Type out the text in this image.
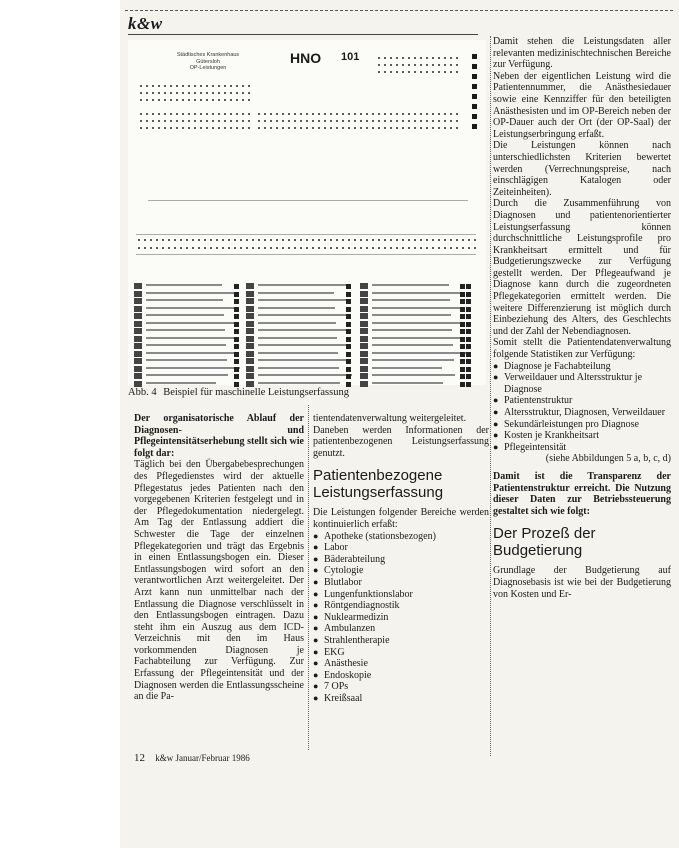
k&w
Städtisches Krankenhaus
Gütersloh
OP-Leistungen
HNO 101
Abb. 4 Beispiel für maschinelle Leistungserfassung

Der organisatorische Ablauf der Diagnosen- und Pflegeintensitätserhebung stellt sich wie folgt dar:

Täglich bei den Übergabebesprechungen des Pflegedienstes wird der aktuelle Pflegestatus jedes Patienten nach den vorgegebenen Kriterien festgelegt und in der Pflegedokumentation niedergelegt. Am Tag der Entlassung addiert die Schwester die Tage der einzelnen Pflegekategorien und trägt das Ergebnis in einen Entlassungsbogen ein. Dieser Entlassungsbogen wird sofort an den verantwortlichen Arzt weitergeleitet. Der Arzt kann nun unmittelbar nach der Entlassung die Diagnose verschlüsselt in den Entlassungsbogen eintragen. Dazu steht ihm ein Auszug aus dem ICD-Verzeichnis mit den im Haus vorkommenden Diagnosen je Fachabteilung zur Verfügung. Zur Erfassung der Pflegeintensität und der Diagnosen werden die Entlassungsscheine an die Pa-

tientendatenverwaltung weitergeleitet.

Daneben werden Informationen der patientenbezogenen Leistungserfassung genutzt.

Patientenbezogene Leistungserfassung

Die Leistungen folgender Bereiche werden kontinuierlich erfaßt:

● Apotheke (stationsbezogen)
● Labor
● Bäderabteilung
● Cytologie
● Blutlabor
● Lungenfunktionslabor
● Röntgendiagnostik
● Nuklearmedizin
● Ambulanzen
● Strahlentherapie
● EKG
● Anästhesie
● Endoskopie
● 7 OPs
● Kreißsaal

Damit stehen die Leistungsdaten aller relevanten medizinischtechnischen Bereiche zur Verfügung.

Neben der eigentlichen Leistung wird die Patientennummer, die Anästhesiedauer sowie eine Kennziffer für den beteiligten Anästhesisten und im OP-Bereich neben der OP-Dauer auch der Ort (der OP-Saal) der Leistungserbringung erfaßt.

Die Leistungen können nach unterschiedlichsten Kriterien bewertet werden (Verrechnungspreise, nach einschlägigen Katalogen oder Zeiteinheiten).

Durch die Zusammenführung von Diagnosen und patientenorientierter Leistungserfassung können durchschnittliche Leistungsprofile pro Krankheitsart ermittelt und für Budgetierungszwecke zur Verfügung gestellt werden. Der Pflegeaufwand je Diagnose kann durch die zugeordneten Pflegekategorien ermittelt werden. Die weitere Differenzierung ist möglich durch Einbeziehung des Alters, des Geschlechts und der Zahl der Nebendiagnosen.

Somit stellt die Patientendatenverwaltung folgende Statistiken zur Verfügung:

● Diagnose je Fachabteilung
● Verweildauer und Altersstruktur je Diagnose
● Patientenstruktur
● Altersstruktur, Diagnosen, Verweildauer
● Sekundärleistungen pro Diagnose
● Kosten je Krankheitsart
● Pflegeintensität

(siehe Abbildungen 5 a, b, c, d)

Damit ist die Transparenz der Patientenstruktur erreicht. Die Nutzung dieser Daten zur Betriebssteuerung gestaltet sich wie folgt:

Der Prozeß der Budgetierung

Grundlage der Budgetierung auf Diagnosebasis ist wie bei der Budgetierung von Kosten und Er-

12 k&w Januar/Februar 1986
